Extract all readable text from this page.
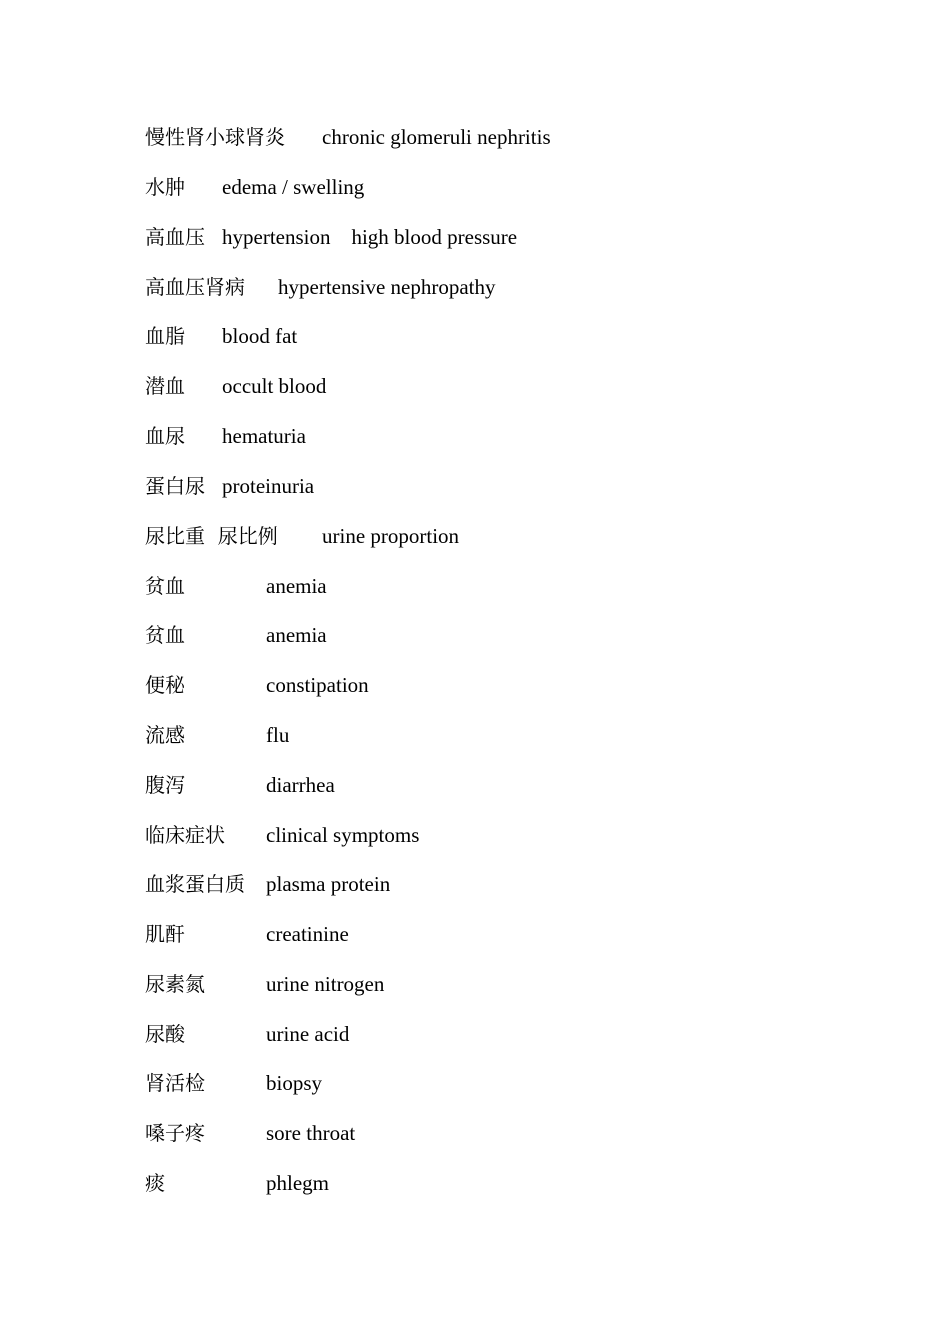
慢性肾小球肾炎 chronic glomeruli nephritis
水肿 edema / swelling
高血压 hypertension    high blood pressure
高血压肾病 hypertensive nephropathy
血脂 blood fat
潜血 occult blood
血尿 hematuria
蛋白尿 proteinuria
尿比重  尿比例 urine proportion
贫血	anemia
贫血	anemia
便秘	constipation
流感	flu
腹泻	diarrhea
临床症状 clinical symptoms
血浆蛋白质 plasma protein
肌酐	creatinine
尿素氮	urine nitrogen
尿酸	urine acid
肾活检	biopsy
嗓子疼	sore throat
痰	phlegm
